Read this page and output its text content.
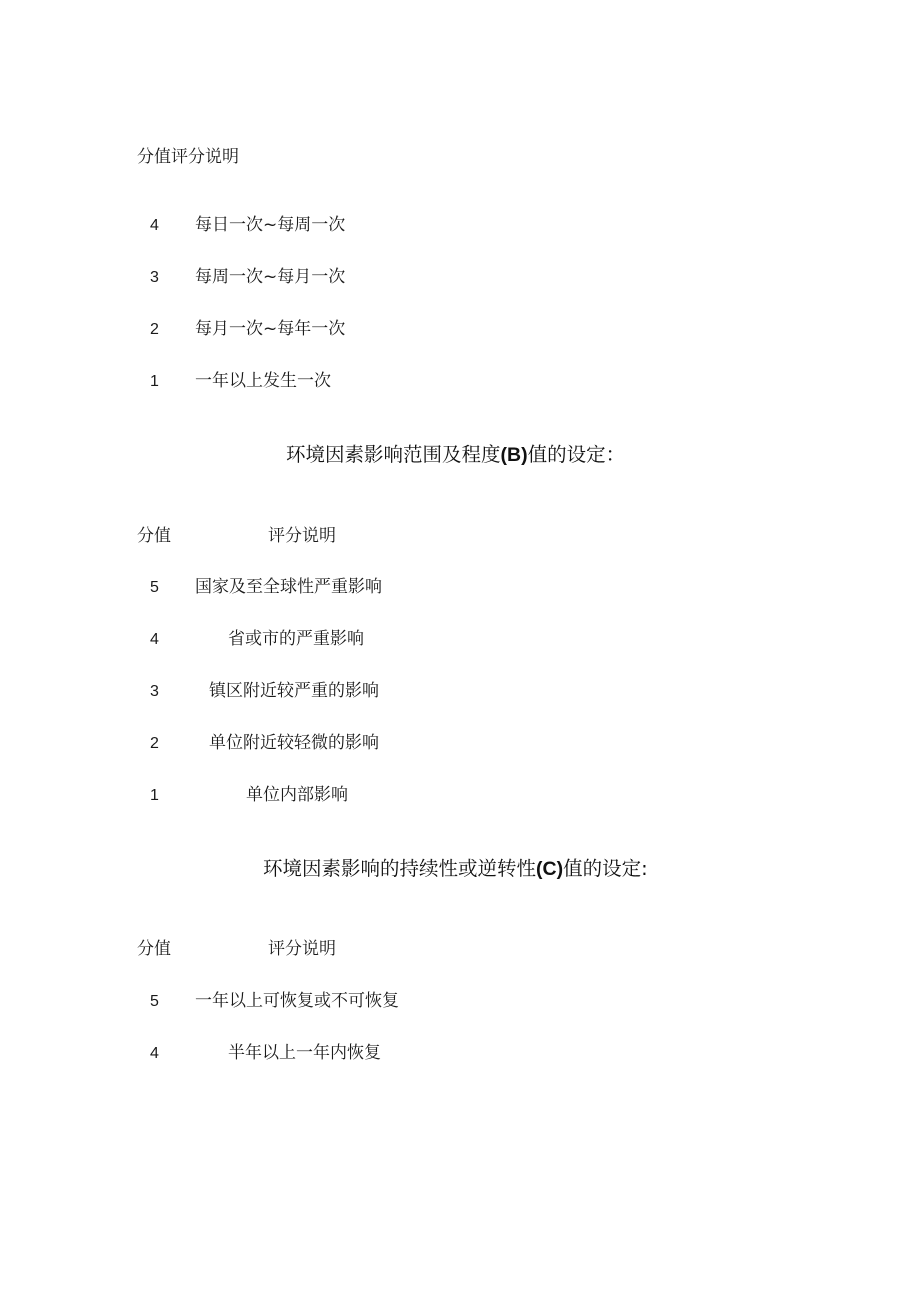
分值评分说明
4 每日一次~每周一次
3 每周一次~每月一次
2 每月一次~每年一次
1 一年以上发生一次
环境因素影响范围及程度(B)值的设定：
分值	评分说明
5 国家及至全球性严重影响
4	省或市的严重影响
3	镇区附近较严重的影响
2	单位附近较轻微的影响
1	单位内部影响
环境因素影响的持续性或逆转性(C)值的设定:
分值	评分说明
5 一年以上可恢复或不可恢复
4	半年以上一年内恢复
